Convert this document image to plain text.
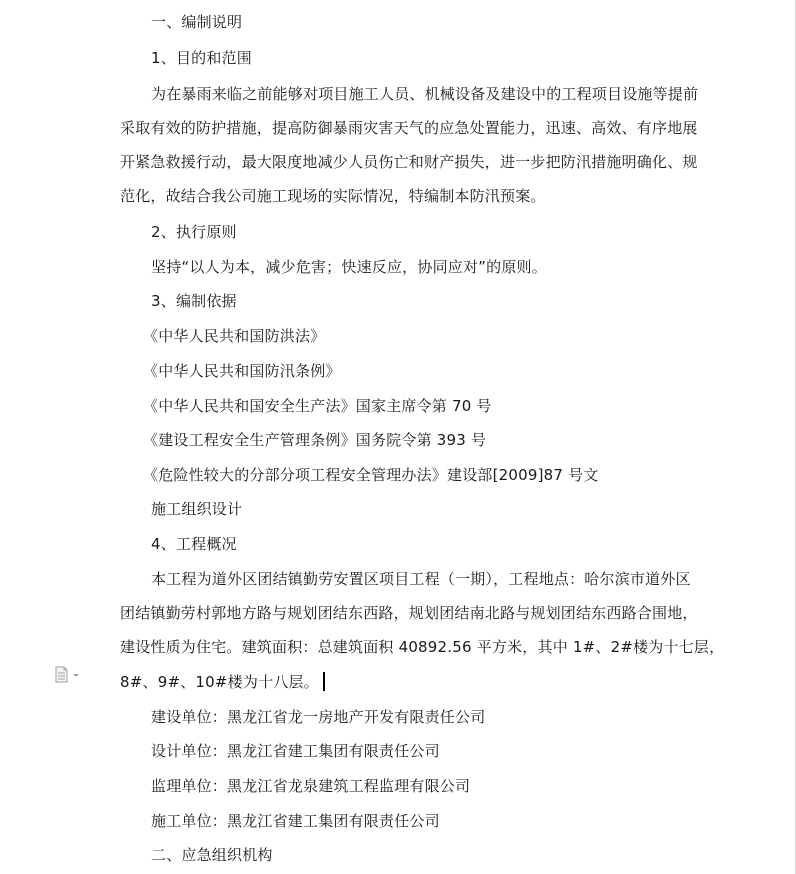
一、编制说明
1、目的和范围
为在暴雨来临之前能够对项目施工人员、机械设备及建设中的工程项目设施等提前
采取有效的防护措施，提高防御暴雨灾害天气的应急处置能力，迅速、高效、有序地展
开紧急救援行动，最大限度地减少人员伤亡和财产损失，进一步把防汛措施明确化、规
范化，故结合我公司施工现场的实际情况，特编制本防汛预案。
2、执行原则
坚持“以人为本，减少危害；快速反应，协同应对”的原则。
3、编制依据
《中华人民共和国防洪法》
《中华人民共和国防汛条例》
《中华人民共和国安全生产法》国家主席令第 70 号
《建设工程安全生产管理条例》国务院令第 393 号
《危险性较大的分部分项工程安全管理办法》建设部[2009]87 号文
施工组织设计
4、工程概况
本工程为道外区团结镇勤劳安置区项目工程（一期），工程地点：哈尔滨市道外区
团结镇勤劳村郭地方路与规划团结东西路，规划团结南北路与规划团结东西路合围地，
建设性质为住宅。建筑面积：总建筑面积 40892.56 平方米，其中 1#、2#楼为十七层，
8#、9#、10#楼为十八层。
建设单位：黑龙江省龙一房地产开发有限责任公司
设计单位：黑龙江省建工集团有限责任公司
监理单位：黑龙江省龙泉建筑工程监理有限公司
施工单位：黑龙江省建工集团有限责任公司
二、应急组织机构
